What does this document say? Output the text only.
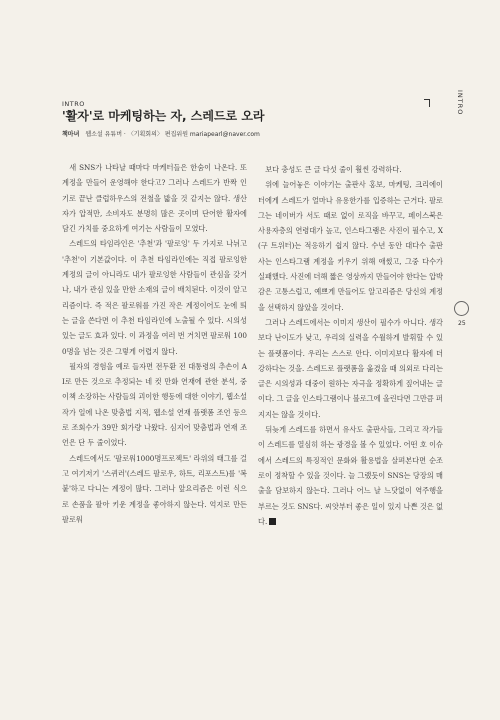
INTRO	INTRO
25
'활자'로 마케팅하는 자, 스레드로 오라
책마녀 웹소설 유튜버 · 〈기획회의〉 편집위원 mariapearl@naver.com

새 SNS가 나타날 때마다 마케터들은 한숨이 나온다. 또 계정을 만들어 운영해야 한다고? 그러나 스레드가 반짝 인기로 끝난 클럽하우스의 전철을 밟을 것 같지는 않다. 생산자가 압적만, 소비자도 분명히 많은 곳이며 단어한 활자에 담긴 가치를 중요하게 여기는 사람들이 모였다.

스레드의 타임라인은 '추천'과 '팔로잉' 두 가지로 나뉘고 '추천'이 기본값이다. 이 추천 타임라인에는 직접 팔로잉한 계정의 글이 아니라도 내가 팔로잉한 사람들이 관심을 갖거나, 내가 관심 있을 만한 소재의 글이 배치된다. 이것이 알고리즘이다. 즉 적은 팔로워를 가진 작은 계정이어도 눈에 띄는 글을 쓴다면 이 추천 타임라인에 노출될 수 있다. 시의성 있는 글도 효과 있다. 이 과정을 여러 번 거치면 팔로워 1000명을 넘는 것은 그렇게 어렵지 않다.

필자의 경험을 예로 들자면 전두환 전 대통령의 추손이 AI로 만든 것으로 추정되는 네 컷 만화 연재에 관한 분석, 중이책 소장하는 사람들의 괴이한 행동에 대한 이야기, 웹소설 작가 일에 나온 맞춤법 지적, 웹소설 연재 플랫폼 조언 등으로 조회수가 39만 회가량 나왔다. 심지어 맞춤법과 연재 조언은 단 두 줄이었다.

스레드에서도 '팔로워1000명프로젝트' 라위의 태그를 걸고 여기저기 '스퀴러'(스레드 팔로우, 하트, 리포스트)를 '복붙'하고 다니는 계정이 많다. 그러나 앞요리즘은 이런 식으로 손품을 팔아 키운 계정을 좋아하지 않는다. 억지로 만든 팔로워

보다 충성도 큰 글 다섯 줄이 훨씬 강력하다.

위에 늘어놓은 이야기는 출판사 홍보, 마케팅, 크리에이터에게 스레드가 얼마나 유용한가를 입증하는 근거다. 팔로그는 네이버가 서도 때로 없이 로직을 바꾸고, 페이스북은 사용자층의 연령대가 높고, 인스타그램은 사진이 필수고, X(구 트위터)는 적응하기 쉽지 않다. 수년 동안 대다수 출판사는 인스타그램 계정을 키우기 위해 애썼고, 그중 다수가 실패했다. 사진에 더해 짧은 영상까지 만들어야 한다는 압박감은 고통스럽고, 예쁘게 만들어도 알고리즘은 당신의 계정을 선택하지 않았을 것이다.

그러나 스레드에서는 이미지 생산이 필수가 아니다. 생각보다 난이도가 낮고, 우리의 실력을 수월하게 발휘할 수 있는 플랫폼이다. 우리는 스스로 안다. 이미지보다 활자에 더 강하다는 것을. 스레드로 플랫폼을 옮겼을 때 의외로 다리는 글은 시의성과 대중이 원하는 자극을 정확하게 짚어내는 글이다. 그 글을 인스타그램이나 블로그에 올린다면 그만큼 퍼지지는 않을 것이다.

뒤늦게 스레드를 하면서 유사도 출판사들, 그리고 작가들이 스레드를 열심히 하는 광경을 볼 수 있었다. 어떤 호 이슈에서 스레드의 특징적인 문화와 활용법을 살펴본다면 순조로이 정착할 수 있을 것이다. 늘 그랬듯이 SNS는 당장의 매출을 담보하지 않는다. 그러나 어느 날 느닷없이 역주행을 부르는 것도 SNS다. 씨앗부터 좋은 일이 있지 나쁜 것은 없다.
